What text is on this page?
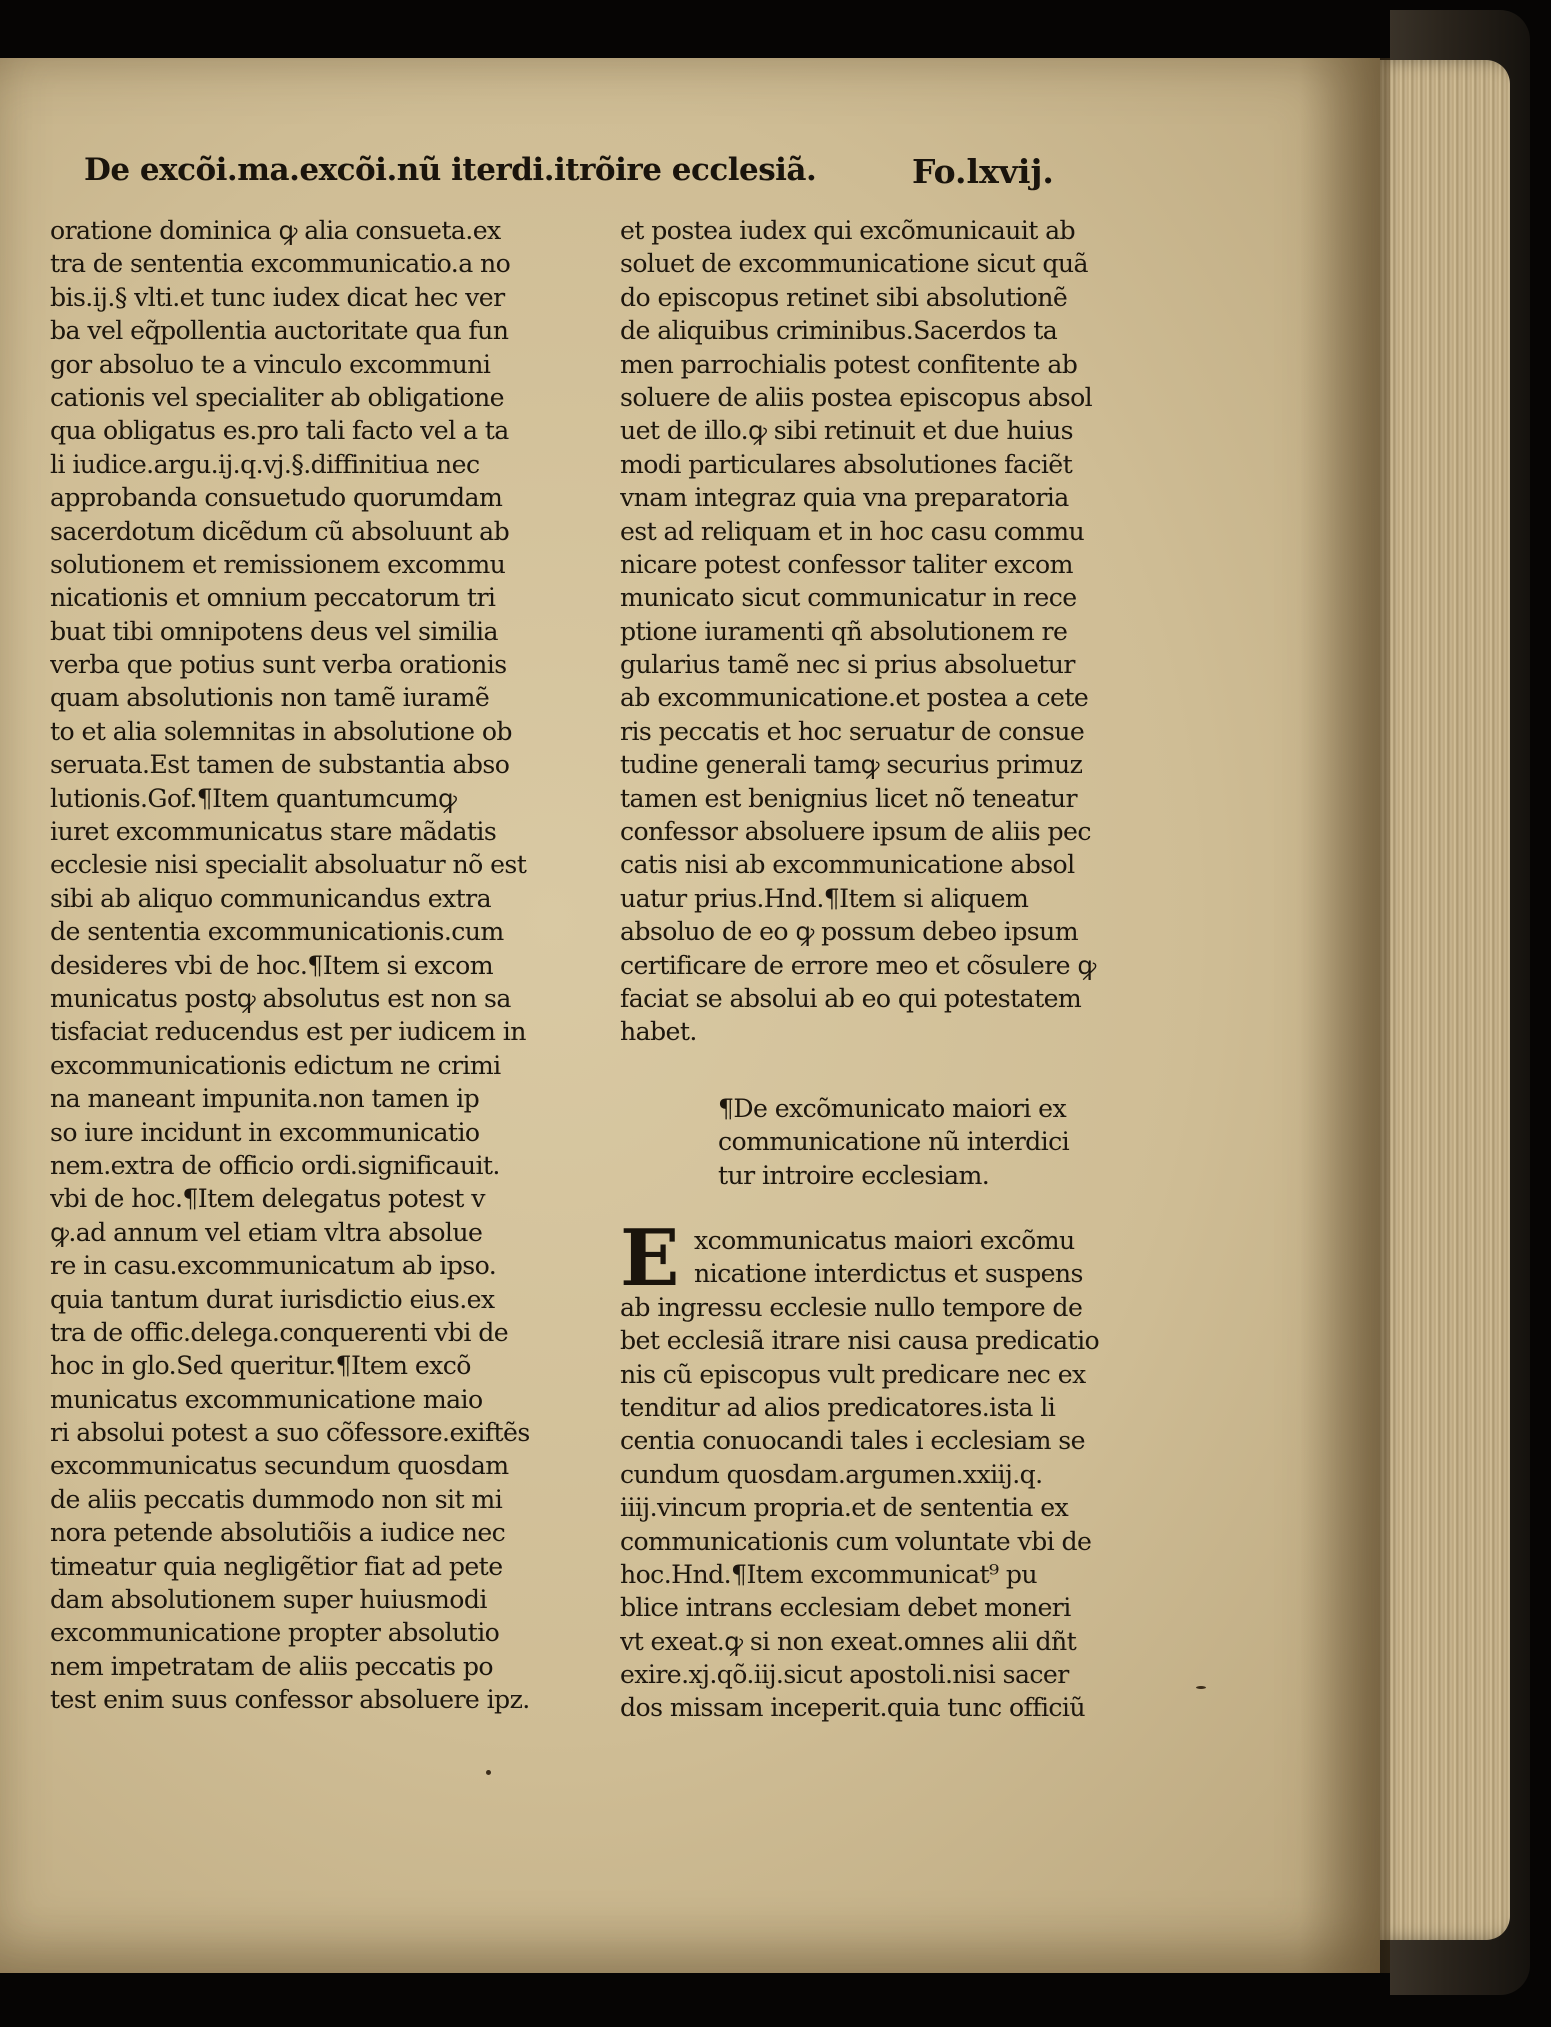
De excõi.ma.excõi.nũ iterdi.itrõire ecclesiã.	Fo.lxvij.
oratione dominica ꝙ alia consueta.ex
tra de sententia excommunicatio.a no
bis.ij.§ vlti.et tunc iudex dicat hec ver
ba vel eq̃pollentia auctoritate qua fun
gor absoluo te a vinculo excommuni
cationis vel specialiter ab obligatione
qua obligatus es.pro tali facto vel a ta
li iudice.argu.ij.q.vj.§.diffinitiua nec
approbanda consuetudo quorumdam
sacerdotum dicẽdum cũ absoluunt ab
solutionem et remissionem excommu
nicationis et omnium peccatorum tri
buat tibi omnipotens deus vel similia
verba que potius sunt verba orationis
quam absolutionis non tamẽ iuramẽ
to et alia solemnitas in absolutione ob
seruata.Est tamen de substantia abso
lutionis.Gof.¶Item quantumcumꝙ
iuret excommunicatus stare mãdatis
ecclesie nisi specialit absoluatur nõ est
sibi ab aliquo communicandus extra
de sententia excommunicationis.cum
desideres vbi de hoc.¶Item si excom
municatus postꝙ absolutus est non sa
tisfaciat reducendus est per iudicem in
excommunicationis edictum ne crimi
na maneant impunita.non tamen ip
so iure incidunt in excommunicatio
nem.extra de officio ordi.significauit.
vbi de hoc.¶Item delegatus potest v
ꝙ.ad annum vel etiam vltra absolue
re in casu.excommunicatum ab ipso.
quia tantum durat iurisdictio eius.ex
tra de offic.delega.conquerenti vbi de
hoc in glo.Sed queritur.¶Item excõ
municatus excommunicatione maio
ri absolui potest a suo cõfessore.exiftẽs
excommunicatus secundum quosdam
de aliis peccatis dummodo non sit mi
nora petende absolutiõis a iudice nec
timeatur quia negligẽtior fiat ad pete
dam absolutionem super huiusmodi
excommunicatione propter absolutio
nem impetratam de aliis peccatis po
test enim suus confessor absoluere ipz.
et postea iudex qui excõmunicauit ab
soluet de excommunicatione sicut quã
do episcopus retinet sibi absolutionẽ
de aliquibus criminibus.Sacerdos ta
men parrochialis potest confitente ab
soluere de aliis postea episcopus absol
uet de illo.ꝙ sibi retinuit et due huius
modi particulares absolutiones faciẽt
vnam integraz quia vna preparatoria
est ad reliquam et in hoc casu commu
nicare potest confessor taliter excom
municato sicut communicatur in rece
ptione iuramenti qñ absolutionem re
gularius tamẽ nec si prius absoluetur
ab excommunicatione.et postea a cete
ris peccatis et hoc seruatur de consue
tudine generali tamꝙ securius primuz
tamen est benignius licet nõ teneatur
confessor absoluere ipsum de aliis pec
catis nisi ab excommunicatione absol
uatur prius.Hnd.¶Item si aliquem
absoluo de eo ꝙ possum debeo ipsum
certificare de errore meo et cõsulere ꝙ
faciat se absolui ab eo qui potestatem
habet.
¶De excõmunicato maiori ex
communicatione nũ interdici
tur introire ecclesiam.
E xcommunicatus maiori excõmu
nicatione interdictus et suspens
ab ingressu ecclesie nullo tempore de
bet ecclesiã itrare nisi causa predicatio
nis cũ episcopus vult predicare nec ex
tenditur ad alios predicatores.ista li
centia conuocandi tales i ecclesiam se
cundum quosdam.argumen.xxiij.q.
iiij.vincum propria.et de sententia ex
communicationis cum voluntate vbi de
hoc.Hnd.¶Item excommunicat⁹ pu
blice intrans ecclesiam debet moneri
vt exeat.ꝙ si non exeat.omnes alii dñt
exire.xj.qõ.iij.sicut apostoli.nisi sacer
dos missam inceperit.quia tunc officiũ
